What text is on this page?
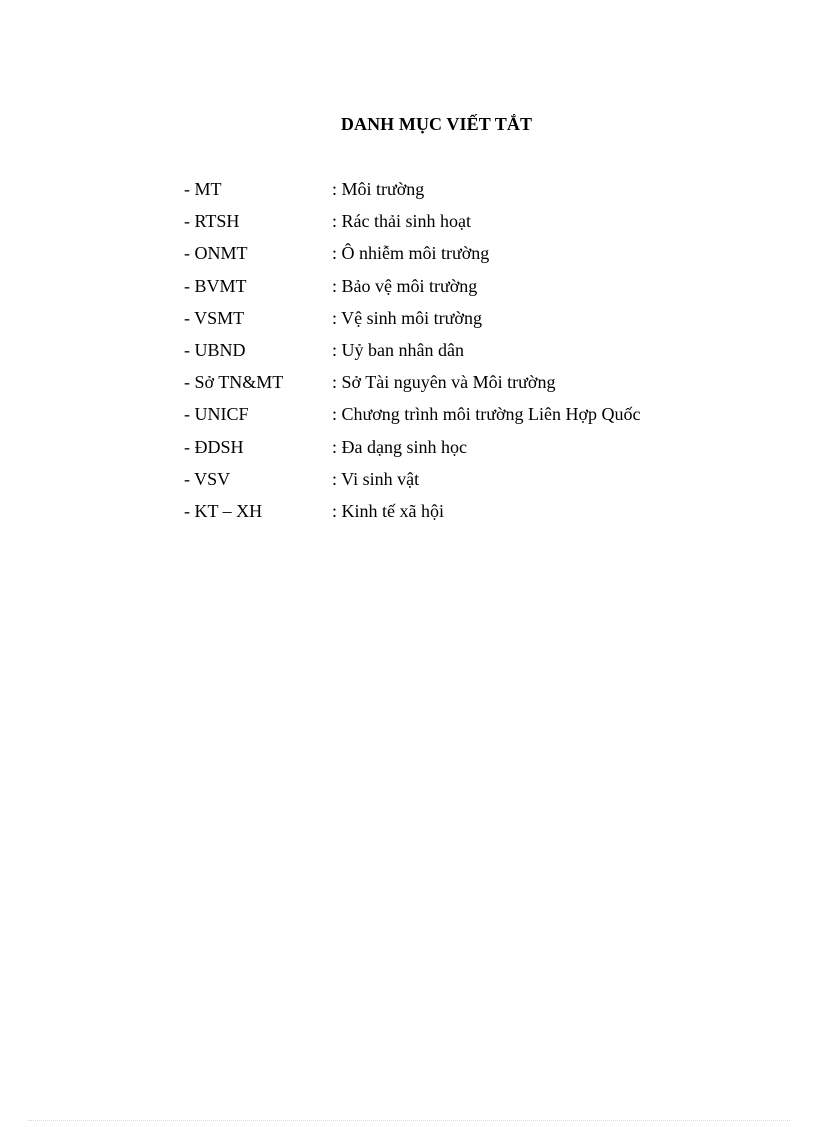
DANH MỤC VIẾT TẮT
- MT	: Môi trường
- RTSH	: Rác thải sinh hoạt
- ONMT	: Ô nhiễm môi trường
- BVMT	: Bảo vệ môi trường
- VSMT	: Vệ sinh môi trường
- UBND	: Uỷ ban nhân dân
- Sở TN&MT	: Sở Tài nguyên và Môi trường
- UNICF	: Chương trình môi trường Liên Hợp Quốc
- ĐDSH	: Đa dạng sinh học
- VSV	: Vi sinh vật
- KT – XH	: Kinh tế xã hội
